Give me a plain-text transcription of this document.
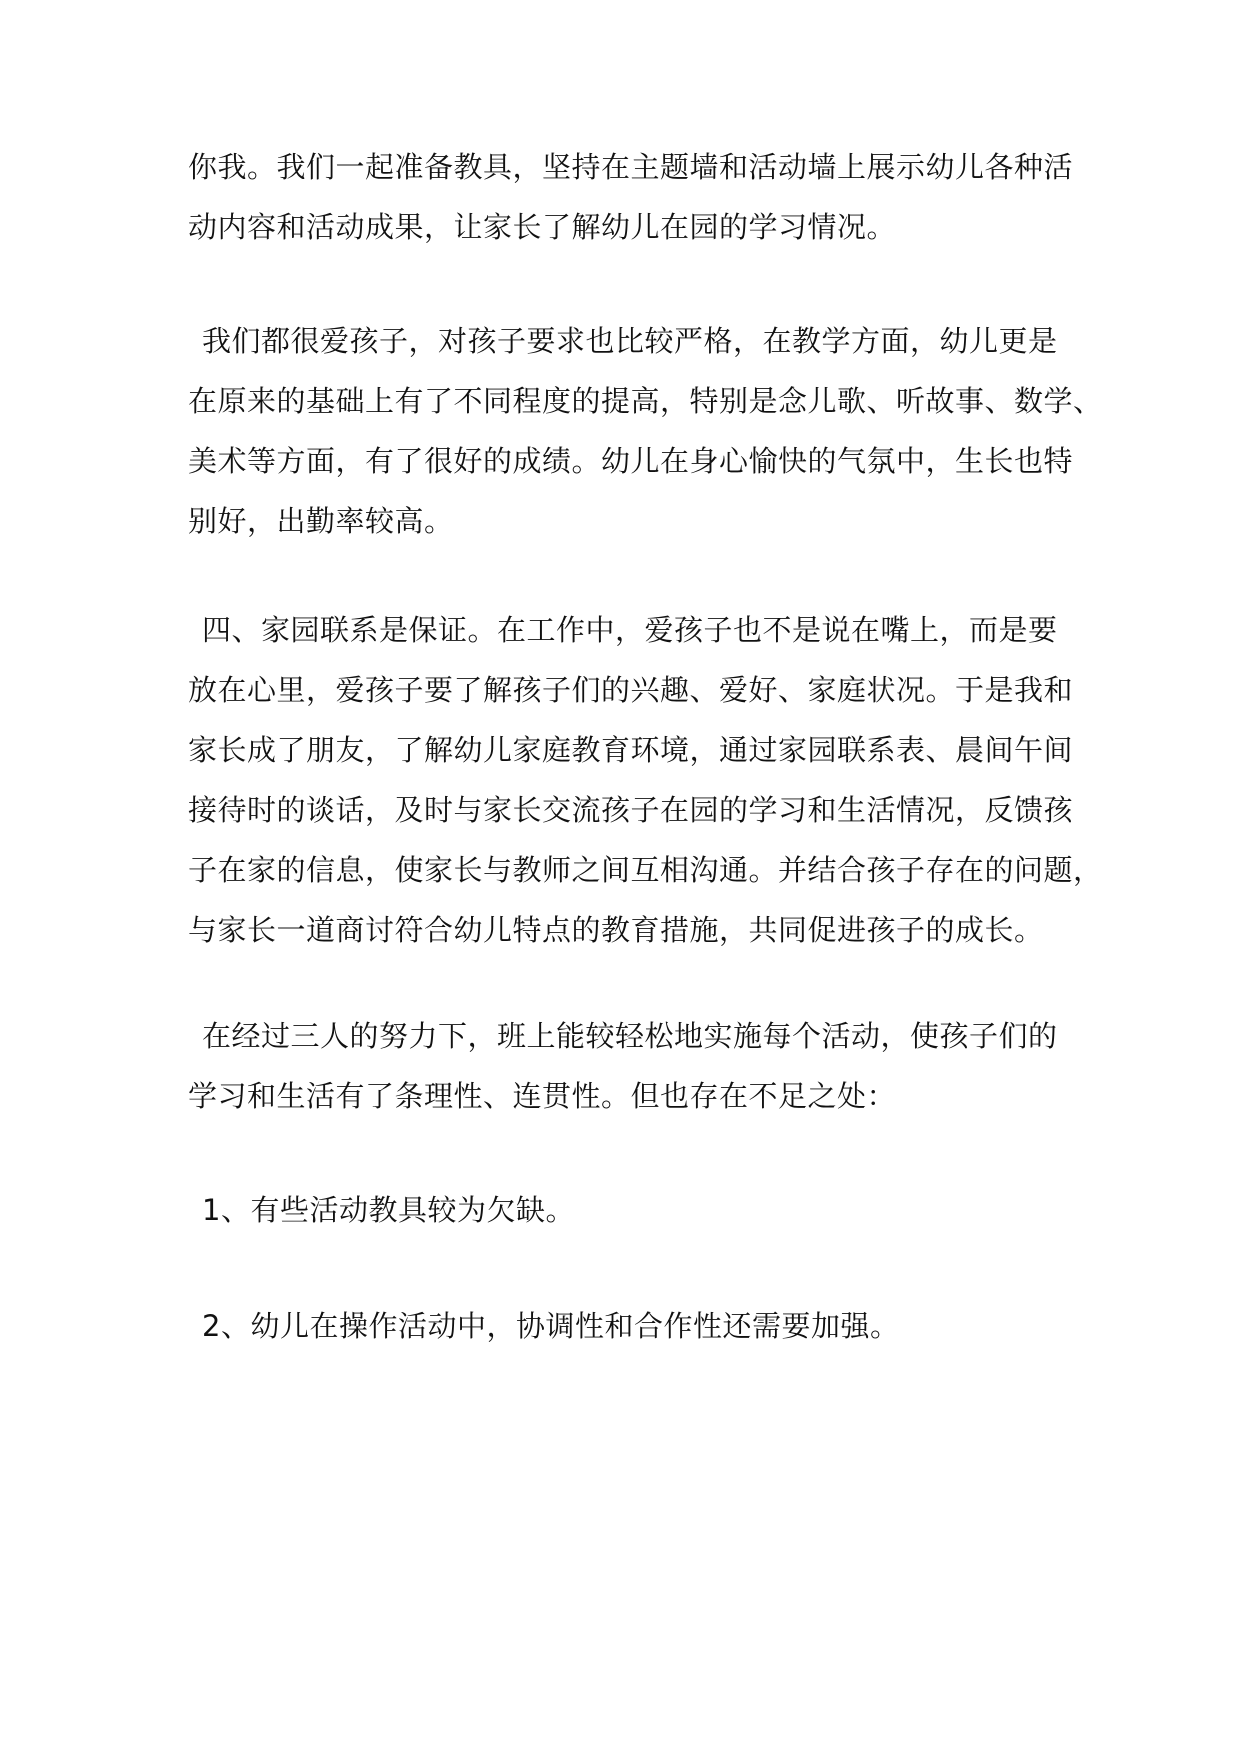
你我。我们一起准备教具，坚持在主题墙和活动墙上展示幼儿各种活
动内容和活动成果，让家长了解幼儿在园的学习情况。
我们都很爱孩子，对孩子要求也比较严格，在教学方面，幼儿更是
在原来的基础上有了不同程度的提高，特别是念儿歌、听故事、数学、
美术等方面，有了很好的成绩。幼儿在身心愉快的气氛中，生长也特
别好，出勤率较高。
四、家园联系是保证。在工作中，爱孩子也不是说在嘴上，而是要
放在心里，爱孩子要了解孩子们的兴趣、爱好、家庭状况。于是我和
家长成了朋友，了解幼儿家庭教育环境，通过家园联系表、晨间午间
接待时的谈话，及时与家长交流孩子在园的学习和生活情况，反馈孩
子在家的信息，使家长与教师之间互相沟通。并结合孩子存在的问题，
与家长一道商讨符合幼儿特点的教育措施，共同促进孩子的成长。
在经过三人的努力下，班上能较轻松地实施每个活动，使孩子们的
学习和生活有了条理性、连贯性。但也存在不足之处：
1、有些活动教具较为欠缺。
2、幼儿在操作活动中，协调性和合作性还需要加强。
